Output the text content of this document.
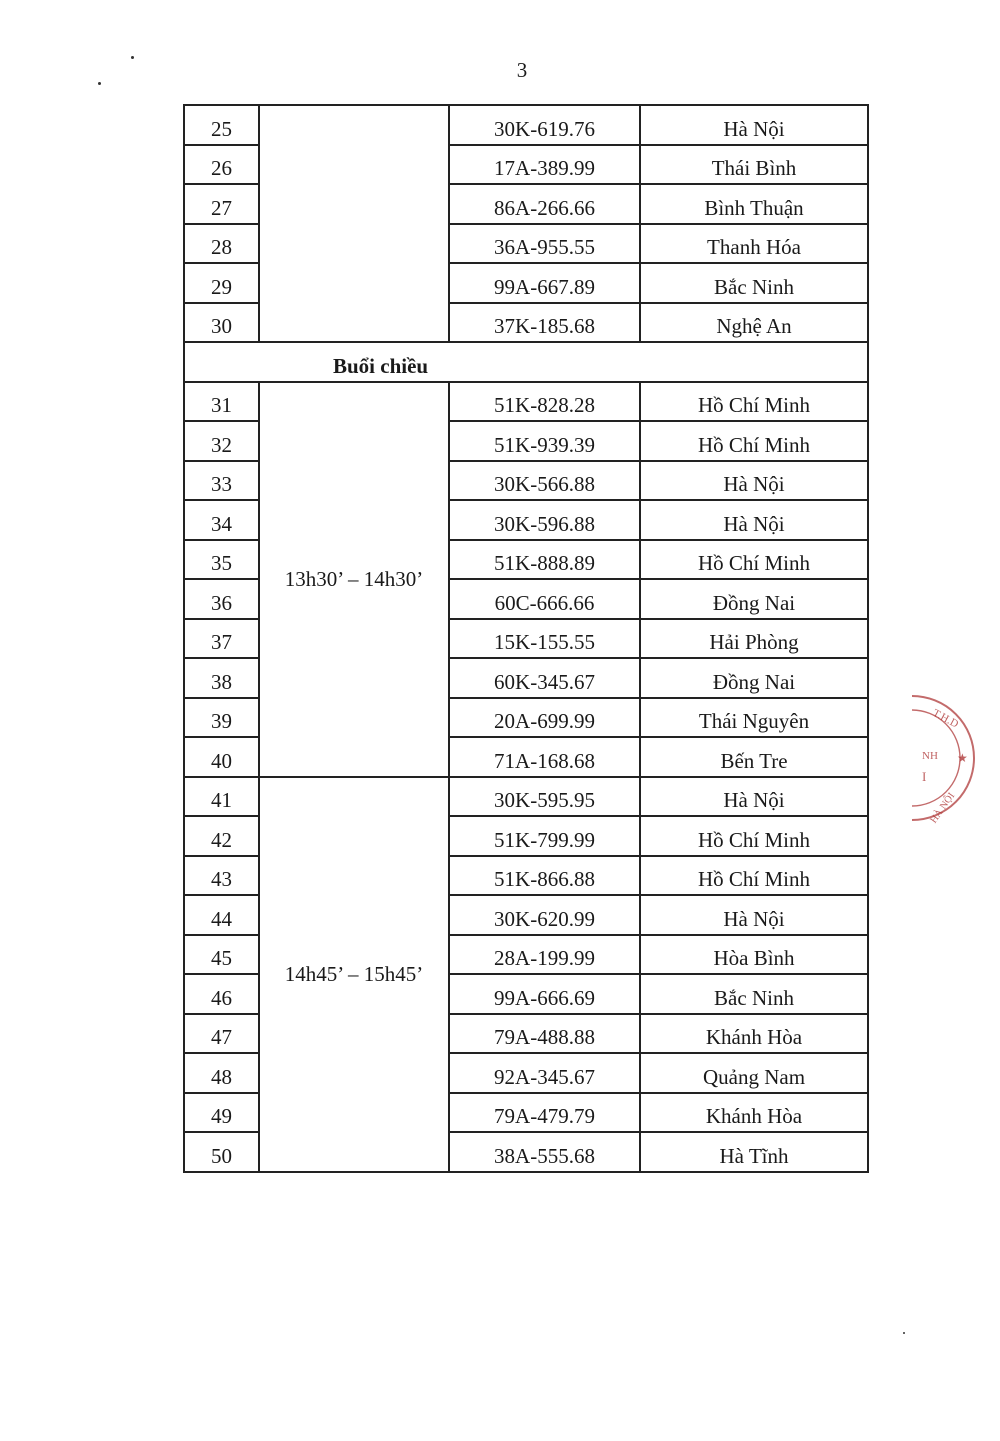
3
25		30K-619.76	Hà Nội
26		17A-389.99	Thái Bình
27		86A-266.66	Bình Thuận
28		36A-955.55	Thanh Hóa
29		99A-667.89	Bắc Ninh
30		37K-185.68	Nghệ An
Buổi chiều			
31	13h30’ – 14h30’	51K-828.28	Hồ Chí Minh
32		51K-939.39	Hồ Chí Minh
33		30K-566.88	Hà Nội
34		30K-596.88	Hà Nội
35		51K-888.89	Hồ Chí Minh
36		60C-666.66	Đồng Nai
37		15K-155.55	Hải Phòng
38		60K-345.67	Đồng Nai
39		20A-699.99	Thái Nguyên
40		71A-168.68	Bến Tre
41	14h45’ – 15h45’	30K-595.95	Hà Nội
42		51K-799.99	Hồ Chí Minh
43		51K-866.88	Hồ Chí Minh
44		30K-620.99	Hà Nội
45		28A-199.99	Hòa Bình
46		99A-666.69	Bắc Ninh
47		79A-488.88	Khánh Hòa
48		92A-345.67	Quảng Nam
49		79A-479.79	Khánh Hòa
50		38A-555.68	Hà Tĩnh
T.H.D
NH ★
I
HÀ NỘI
